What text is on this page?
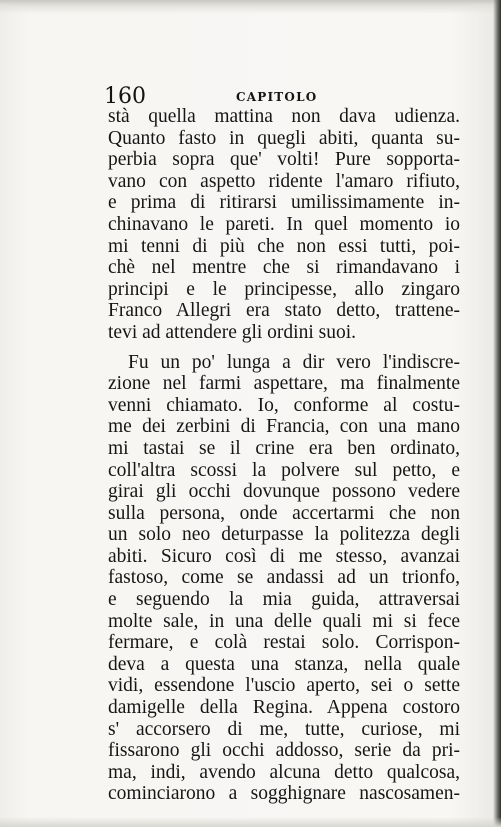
160	CAPITOLO
stà quella mattina non dava udienza.
Quanto fasto in quegli abiti, quanta su-
perbia sopra que' volti! Pure sopporta-
vano con aspetto ridente l'amaro rifiuto,
e prima di ritirarsi umilissimamente in-
chinavano le pareti. In quel momento io
mi tenni di più che non essi tutti, poi-
chè nel mentre che si rimandavano i
principi e le principesse, allo zingaro
Franco Allegri era stato detto, trattene-
tevi ad attendere gli ordini suoi.
Fu un po' lunga a dir vero l'indiscre-
zione nel farmi aspettare, ma finalmente
venni chiamato. Io, conforme al costu-
me dei zerbini di Francia, con una mano
mi tastai se il crine era ben ordinato,
coll'altra scossi la polvere sul petto, e
girai gli occhi dovunque possono vedere
sulla persona, onde accertarmi che non
un solo neo deturpasse la politezza degli
abiti. Sicuro così di me stesso, avanzai
fastoso, come se andassi ad un trionfo,
e seguendo la mia guida, attraversai
molte sale, in una delle quali mi si fece
fermare, e colà restai solo. Corrispon-
deva a questa una stanza, nella quale
vidi, essendone l'uscio aperto, sei o sette
damigelle della Regina. Appena costoro
s' accorsero di me, tutte, curiose, mi
fissarono gli occhi addosso, serie da pri-
ma, indi, avendo alcuna detto qualcosa,
cominciarono a sogghignare nascosamen-
